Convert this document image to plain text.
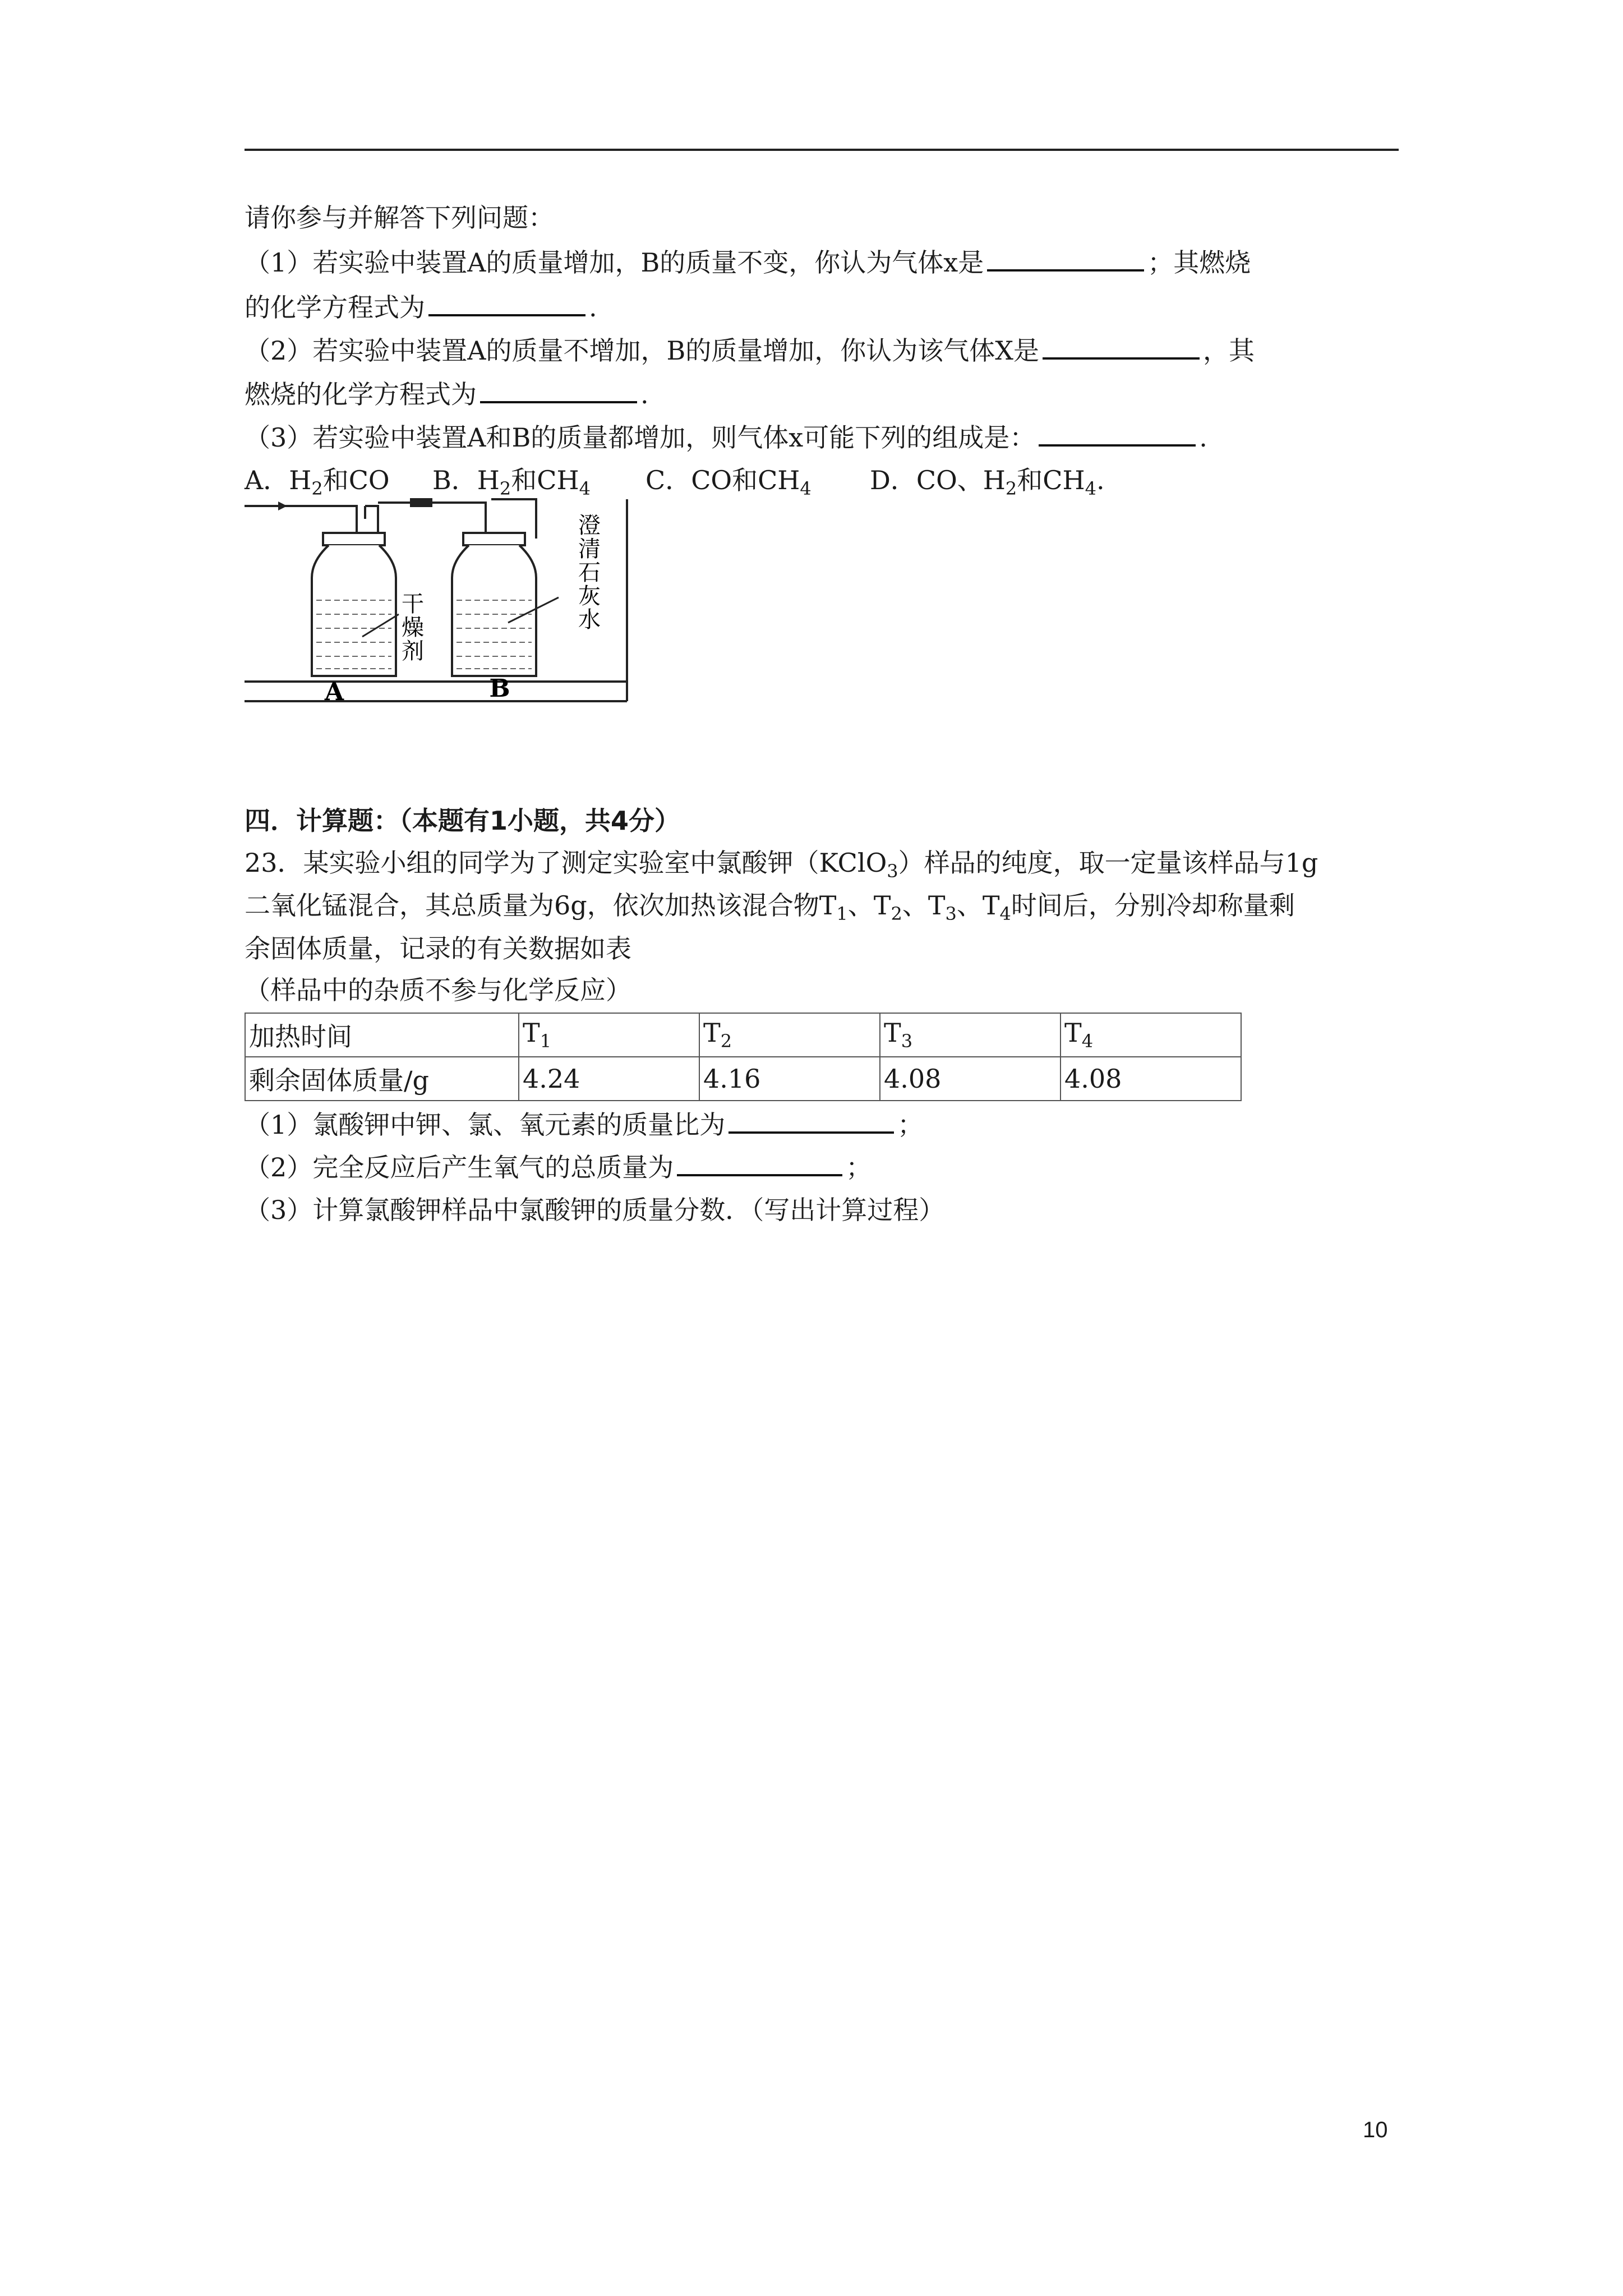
请你参与并解答下列问题：
（1）若实验中装置A的质量增加，B的质量不变，你认为气体x是	；其燃烧
的化学方程式为	.
（2）若实验中装置A的质量不增加，B的质量增加，你认为该气体X是	，其
燃烧的化学方程式为	.
（3）若实验中装置A和B的质量都增加，则气体x可能下列的组成是：	.
A．$H_2$和CO B．$H_2$和$CH_4$ C．CO和$CH_4$ D．CO、$H_2$和$CH_4$.
干
燥
剂
澄
清
石
灰
水
A	B
四．计算题：（本题有1小题，共4分）
23．某实验小组的同学为了测定实验室中氯酸钾（KClO$_3$）样品的纯度，取一定量该样品与1g
二氧化锰混合，其总质量为6g，依次加热该混合物$T_1$、$T_2$、$T_3$、$T_4$时间后，分别冷却称量剩
余固体质量，记录的有关数据如表
（样品中的杂质不参与化学反应）
加热时间	$T_1$	$T_2$	$T_3$	$T_4$
剩余固体质量/g	4.24	4.16	4.08	4.08
（1）氯酸钾中钾、氯、氧元素的质量比为	；
（2）完全反应后产生氧气的总质量为	；
（3）计算氯酸钾样品中氯酸钾的质量分数．（写出计算过程）
10
